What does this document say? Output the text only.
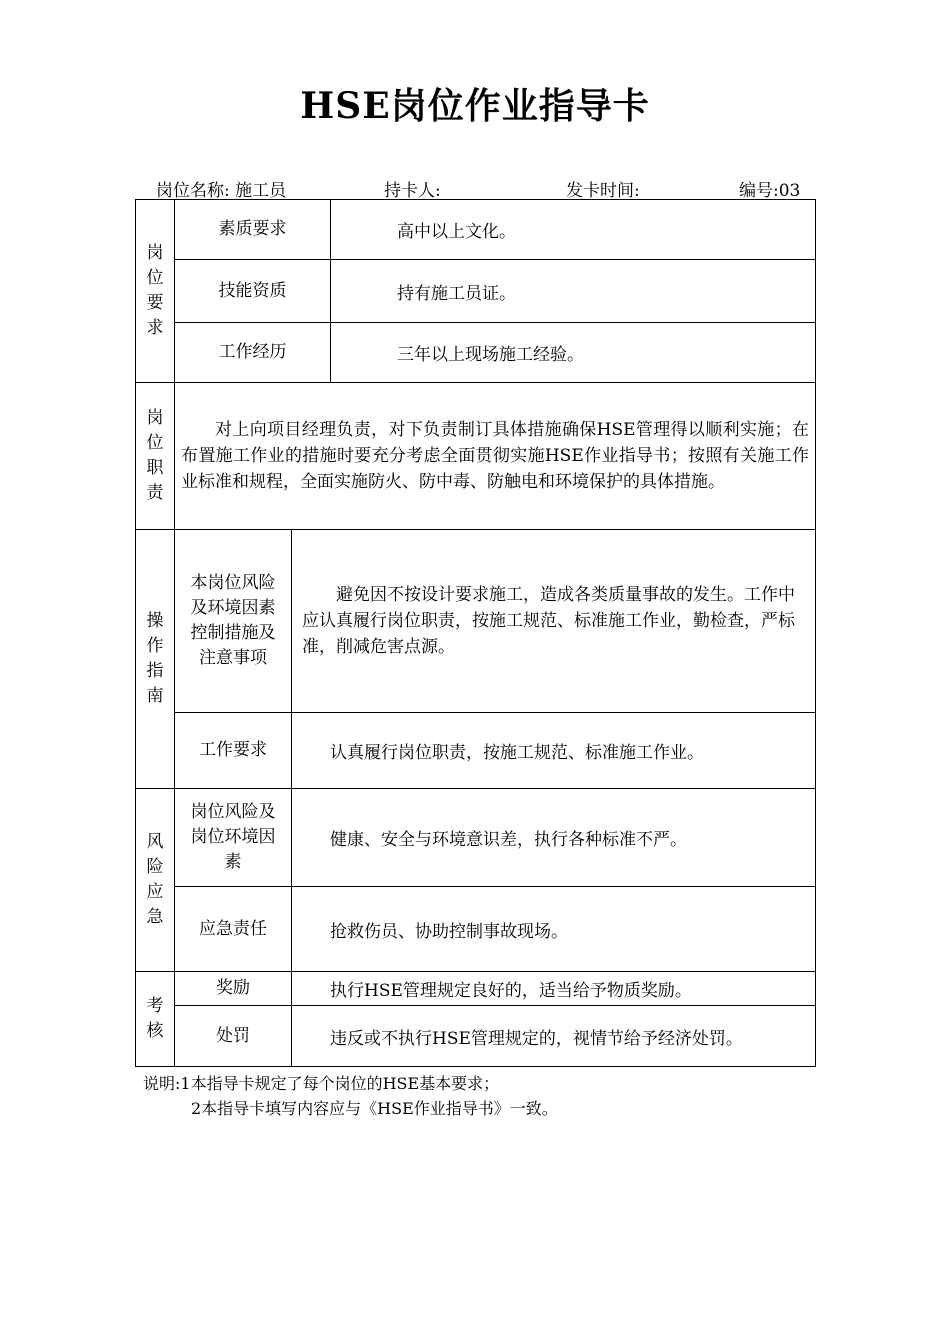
HSE岗位作业指导卡
岗位名称: 施工员	持卡人:	发卡时间:	编号:03
岗
位
要
求	素质要求		高中以上文化。
	技能资质		持有施工员证。
	工作经历		三年以上现场施工经验。

岗
位
职
责	对上向项目经理负责，对下负责制订具体措施确保HSE管理得以顺利实施；在布置施工作业的措施时要充分考虑全面贯彻实施HSE作业指导书；按照有关施工作业标准和规程，全面实施防火、防中毒、防触电和环境保护的具体措施。		

操
作
指
南	本岗位风险
及环境因素
控制措施及
注意事项	避免因不按设计要求施工，造成各类质量事故的发生。工作中应认真履行岗位职责，按施工规范、标准施工作业，勤检查，严标准，削减危害点源。	

	工作要求	认真履行岗位职责，按施工规范、标准施工作业。	

风
险
应
急	岗位风险及
岗位环境因
素	健康、安全与环境意识差，执行各种标准不严。	
	应急责任	抢救伤员、协助控制事故现场。	

考
核	奖励	执行HSE管理规定良好的，适当给予物质奖励。	
	处罚	违反或不执行HSE管理规定的，视情节给予经济处罚。	
说明:1本指导卡规定了每个岗位的HSE基本要求；
2本指导卡填写内容应与《HSE作业指导书》一致。
